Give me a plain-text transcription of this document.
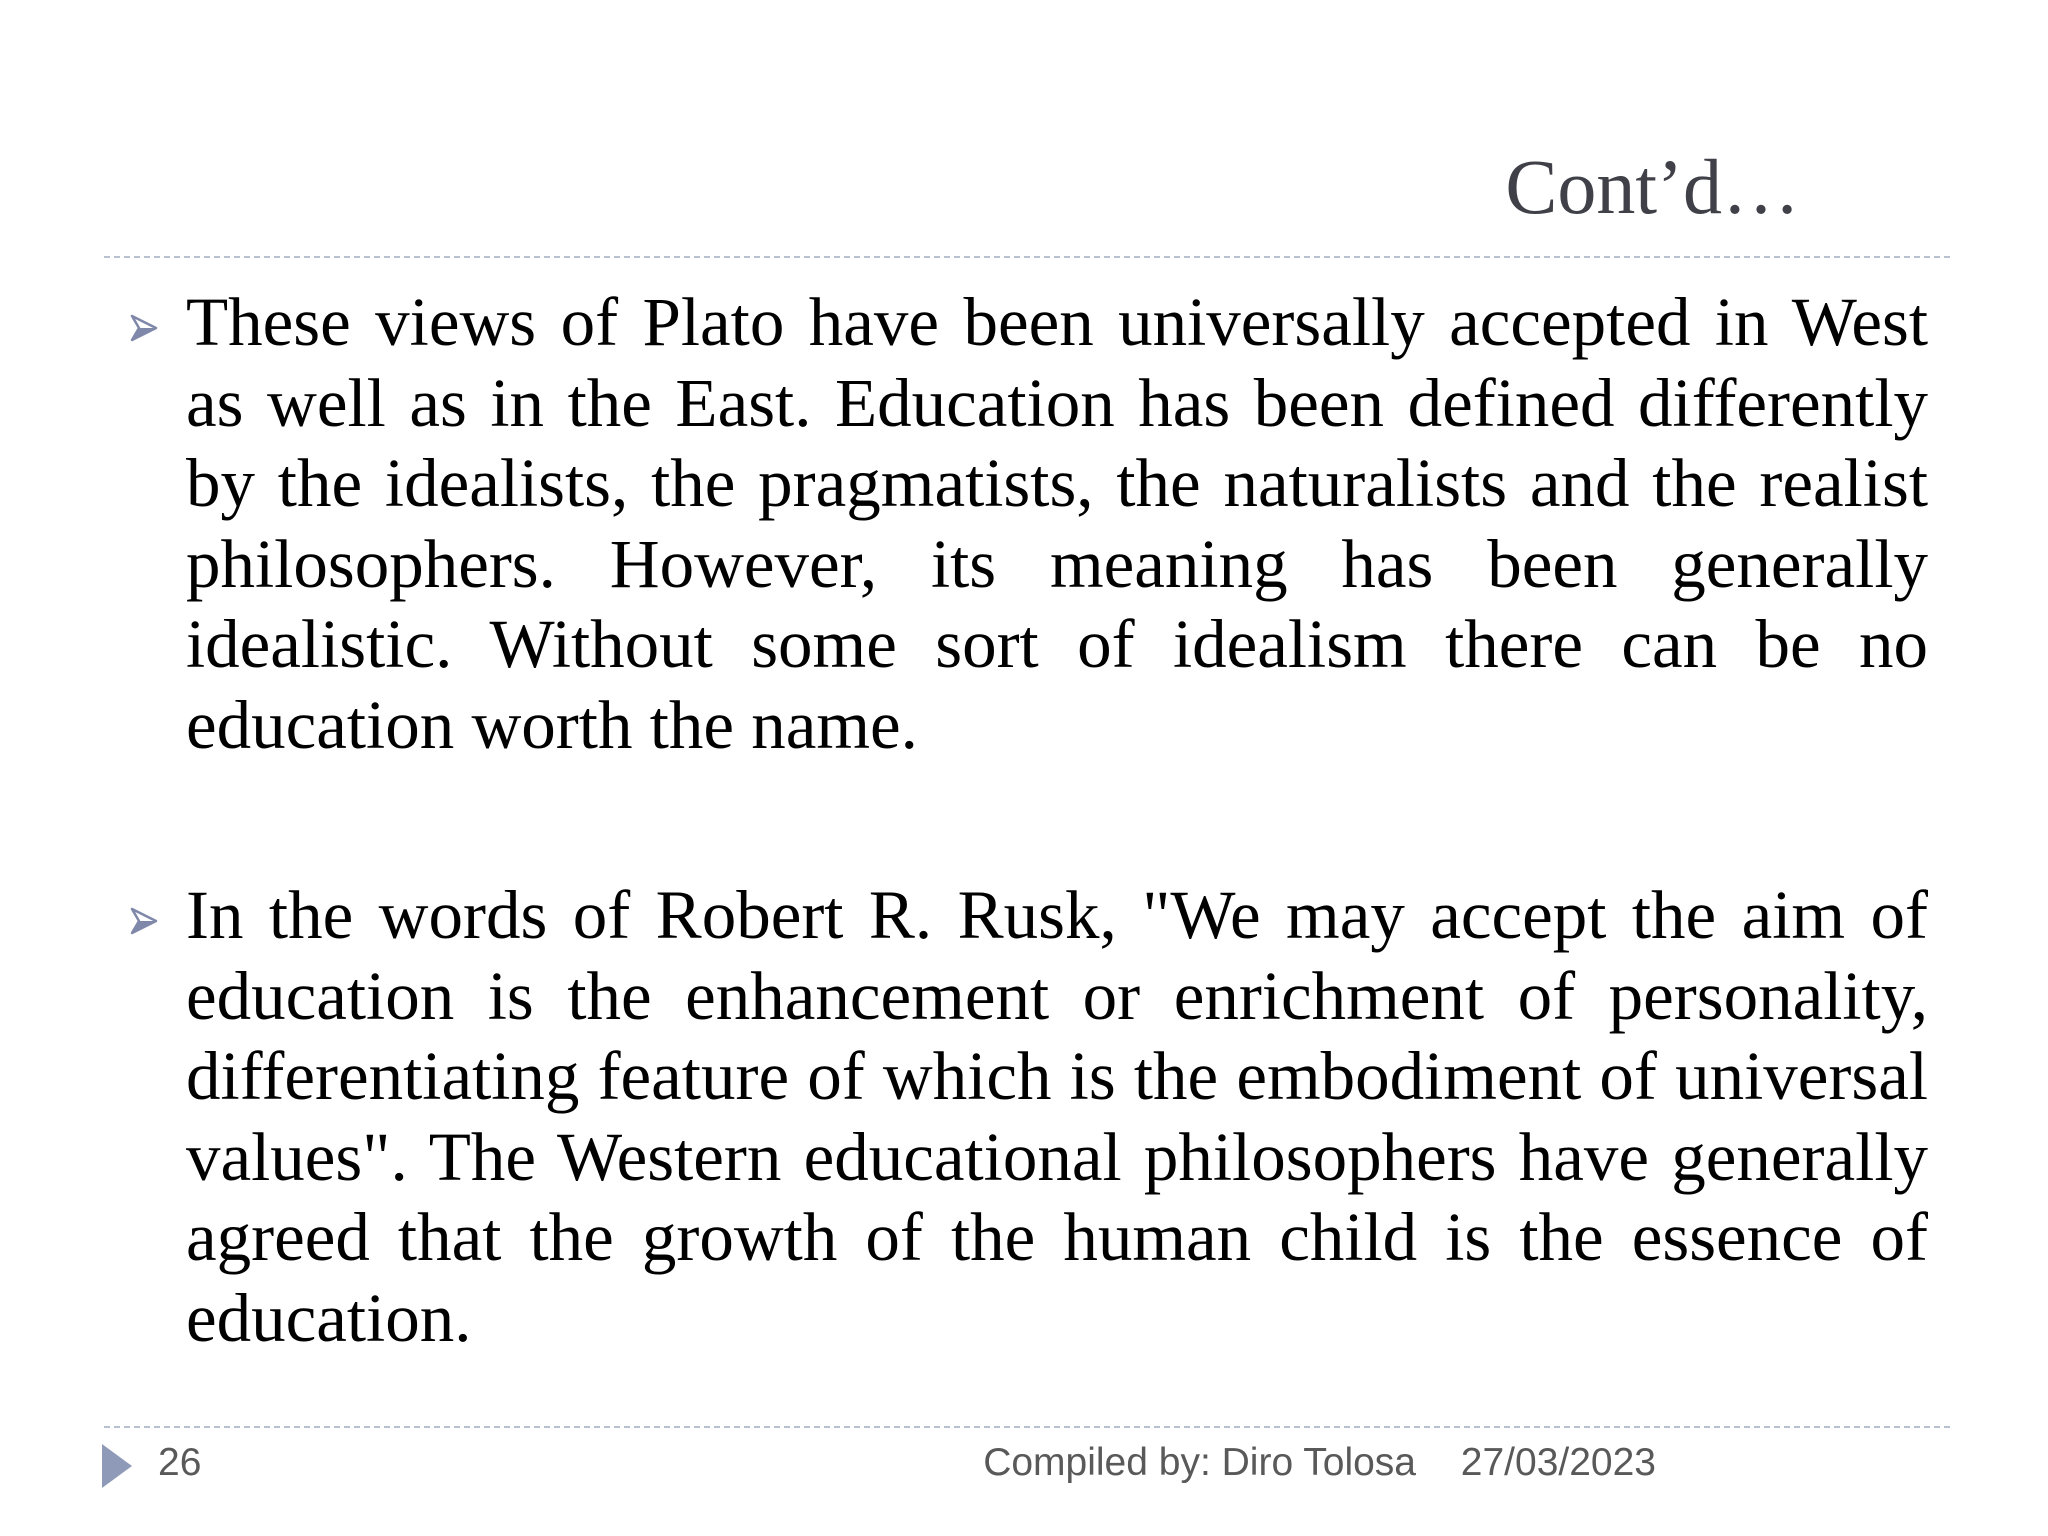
Cont’d…
These views of Plato have been universally accepted in West as well as in the East. Education has been defined differently by the idealists, the pragmatists, the naturalists and the realist philosophers. However, its meaning has been generally idealistic. Without some sort of idealism there can be no education worth the name.
In the words of Robert R. Rusk, "We may accept the aim of education is the enhancement or enrichment of personality, differentiating feature of which is the embodiment of universal values". The Western educational philosophers have generally agreed that the growth of the human child is the essence of education.
26	Compiled by: Diro Tolosa 27/03/2023
